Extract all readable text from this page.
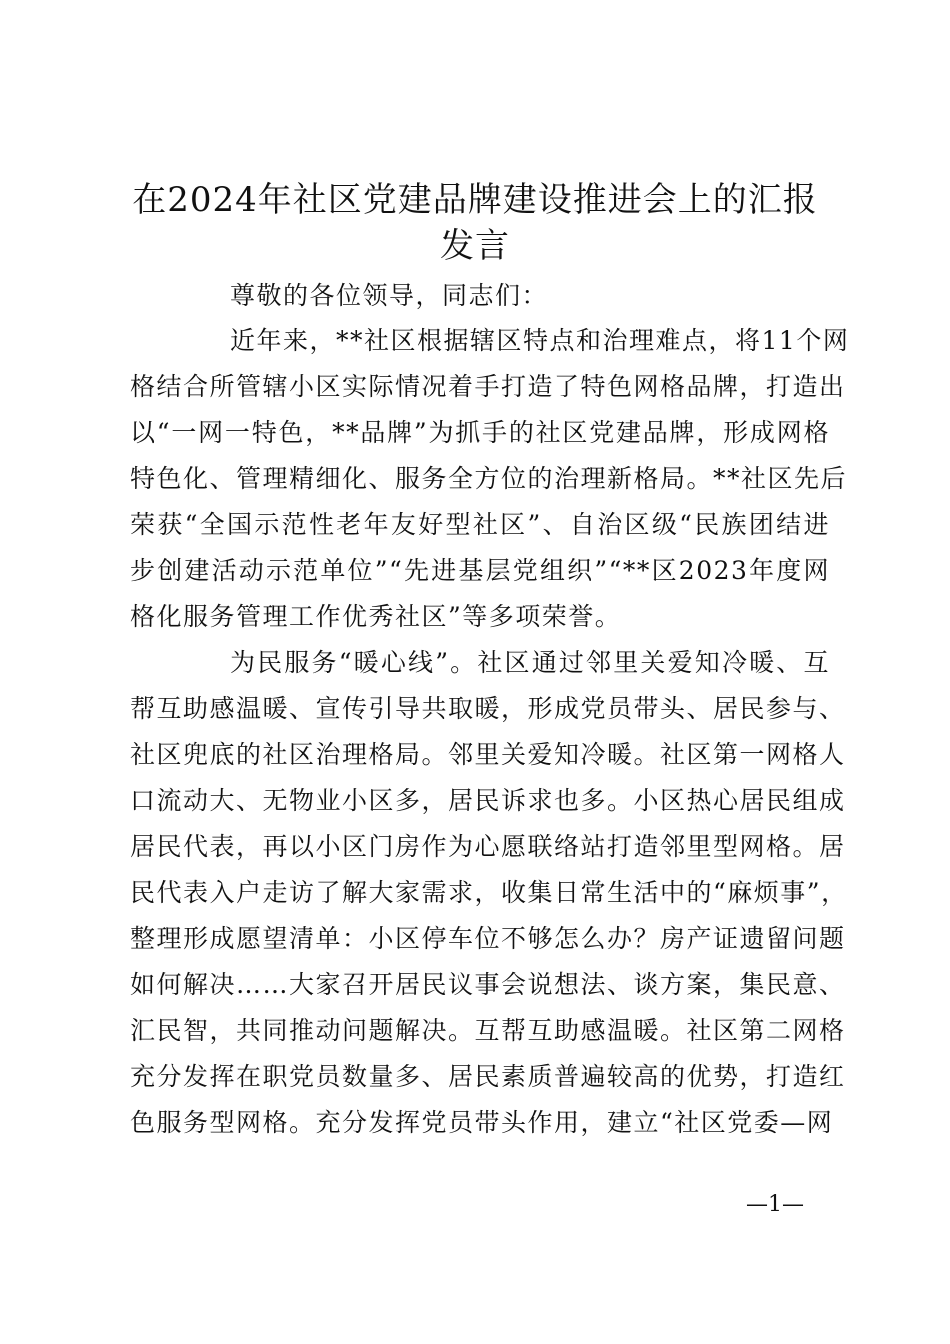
在2024年社区党建品牌建设推进会上的汇报
发言
尊敬的各位领导，同志们：
近年来，**社区根据辖区特点和治理难点，将11个网
格结合所管辖小区实际情况着手打造了特色网格品牌，打造出
以“一网一特色，**品牌”为抓手的社区党建品牌，形成网格
特色化、管理精细化、服务全方位的治理新格局。**社区先后
荣获“全国示范性老年友好型社区”、自治区级“民族团结进
步创建活动示范单位”“先进基层党组织”“**区2023年度网
格化服务管理工作优秀社区”等多项荣誉。
为民服务“暖心线”。社区通过邻里关爱知冷暖、互
帮互助感温暖、宣传引导共取暖，形成党员带头、居民参与、
社区兜底的社区治理格局。邻里关爱知冷暖。社区第一网格人
口流动大、无物业小区多，居民诉求也多。小区热心居民组成
居民代表，再以小区门房作为心愿联络站打造邻里型网格。居
民代表入户走访了解大家需求，收集日常生活中的“麻烦事”，
整理形成愿望清单：小区停车位不够怎么办？房产证遗留问题
如何解决……大家召开居民议事会说想法、谈方案，集民意、
汇民智，共同推动问题解决。互帮互助感温暖。社区第二网格
充分发挥在职党员数量多、居民素质普遍较高的优势，打造红
色服务型网格。充分发挥党员带头作用，建立“社区党委—网
—1—
